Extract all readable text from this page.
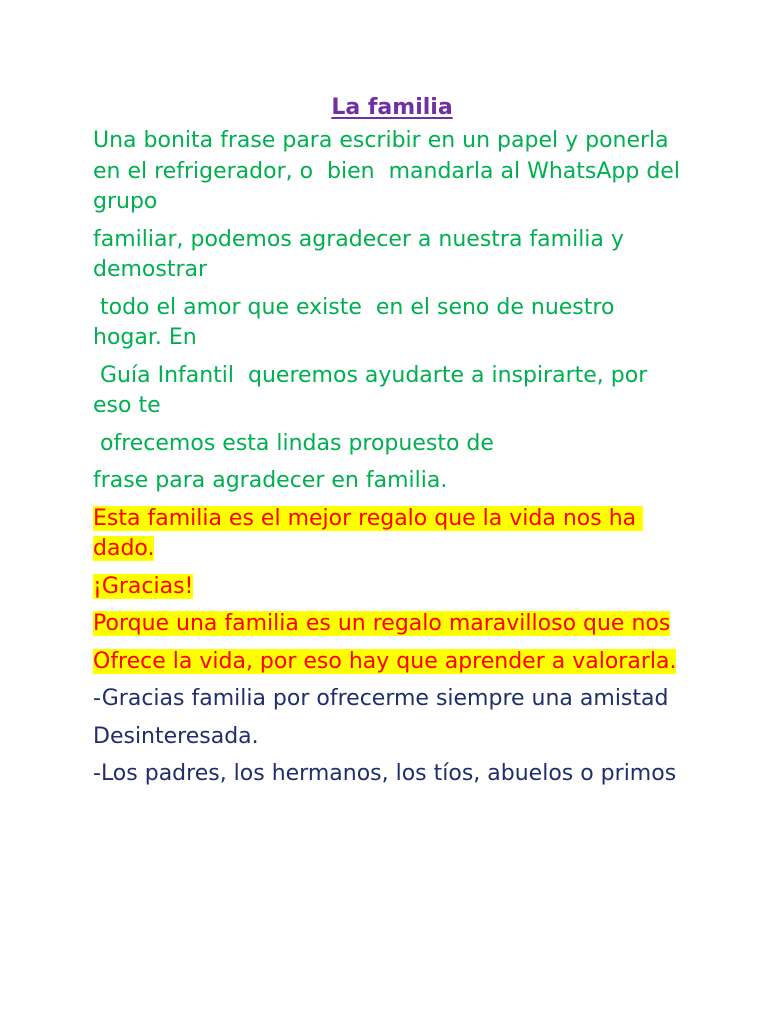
La familia

Una bonita frase para escribir en un papel y ponerla en el refrigerador, o  bien  mandarla al WhatsApp del grupo

familiar, podemos agradecer a nuestra familia y demostrar

todo el amor que existe  en el seno de nuestro hogar. En

Guía Infantil  queremos ayudarte a inspirarte, por eso te

ofrecemos esta lindas propuesto de

frase para agradecer en familia.

Esta familia es el mejor regalo que la vida nos ha dado.

¡Gracias!

Porque una familia es un regalo maravilloso que nos

Ofrece la vida, por eso hay que aprender a valorarla.

-Gracias familia por ofrecerme siempre una amistad

Desinteresada.

-Los padres, los hermanos, los tíos, abuelos o primos
